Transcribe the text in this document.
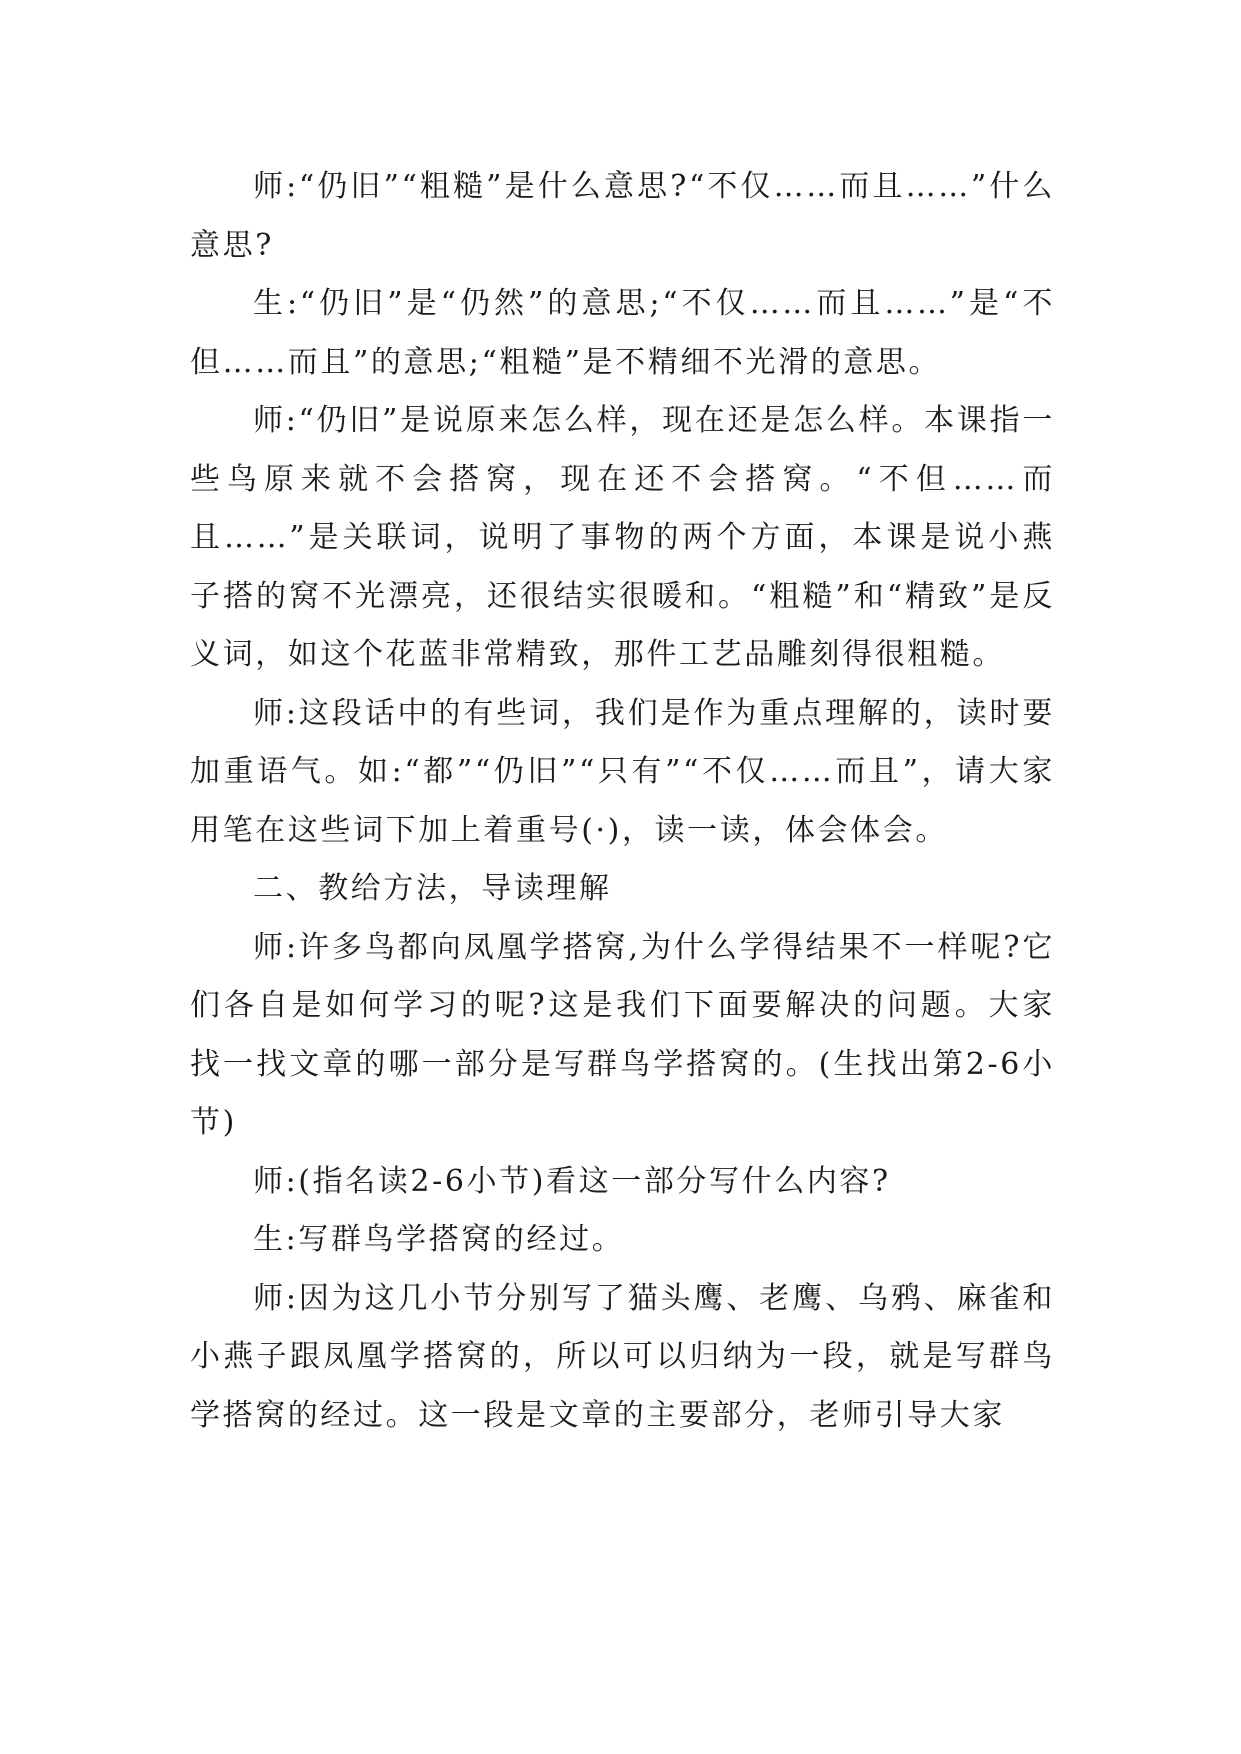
师:“仍旧”“粗糙”是什么意思?“不仅……而且……”什么意思?

生:“仍旧”是“仍然”的意思;“不仅……而且……”是“不但……而且”的意思;“粗糙”是不精细不光滑的意思。

师:“仍旧”是说原来怎么样，现在还是怎么样。本课指一些鸟原来就不会搭窝，现在还不会搭窝。“不但……而且……”是关联词，说明了事物的两个方面，本课是说小燕子搭的窝不光漂亮，还很结实很暖和。“粗糙”和“精致”是反义词，如这个花蓝非常精致，那件工艺品雕刻得很粗糙。

师:这段话中的有些词，我们是作为重点理解的，读时要加重语气。如:“都”“仍旧”“只有”“不仅……而且”，请大家用笔在这些词下加上着重号(·)，读一读，体会体会。

二、教给方法，导读理解

师:许多鸟都向凤凰学搭窝,为什么学得结果不一样呢?它们各自是如何学习的呢?这是我们下面要解决的问题。大家找一找文章的哪一部分是写群鸟学搭窝的。(生找出第2-6小节)

师:(指名读2-6小节)看这一部分写什么内容?

生:写群鸟学搭窝的经过。

师:因为这几小节分别写了猫头鹰、老鹰、乌鸦、麻雀和小燕子跟凤凰学搭窝的，所以可以归纳为一段，就是写群鸟学搭窝的经过。这一段是文章的主要部分，老师引导大家
